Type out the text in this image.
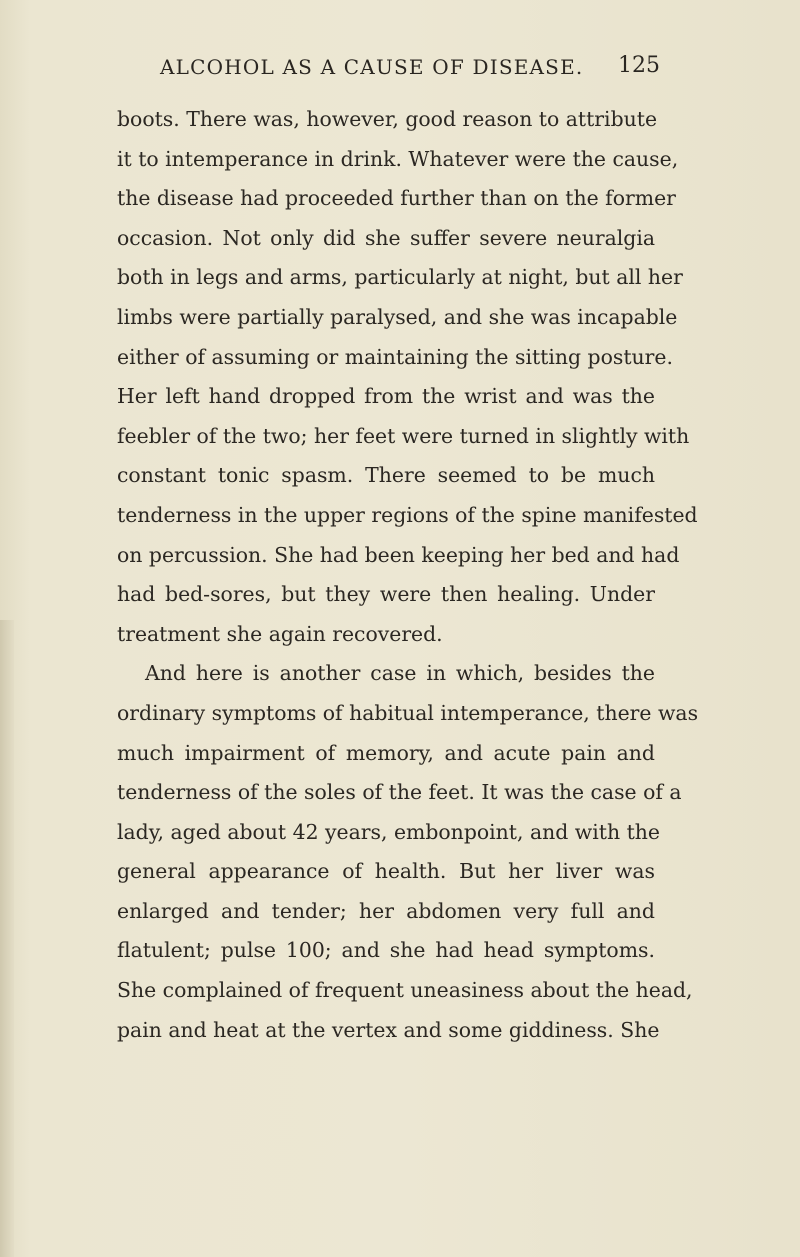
ALCOHOL AS A CAUSE OF DISEASE. 125
boots. There was, however, good reason to attribute
it to intemperance in drink. Whatever were the cause,
the disease had proceeded further than on the former
occasion. Not only did she suffer severe neuralgia
both in legs and arms, particularly at night, but all her
limbs were partially paralysed, and she was incapable
either of assuming or maintaining the sitting posture.
Her left hand dropped from the wrist and was the
feebler of the two; her feet were turned in slightly with
constant tonic spasm. There seemed to be much
tenderness in the upper regions of the spine manifested
on percussion. She had been keeping her bed and had
had bed-sores, but they were then healing. Under
treatment she again recovered.
And here is another case in which, besides the
ordinary symptoms of habitual intemperance, there was
much impairment of memory, and acute pain and
tenderness of the soles of the feet. It was the case of a
lady, aged about 42 years, embonpoint, and with the
general appearance of health. But her liver was
enlarged and tender; her abdomen very full and
flatulent; pulse 100; and she had head symptoms.
She complained of frequent uneasiness about the head,
pain and heat at the vertex and some giddiness. She
